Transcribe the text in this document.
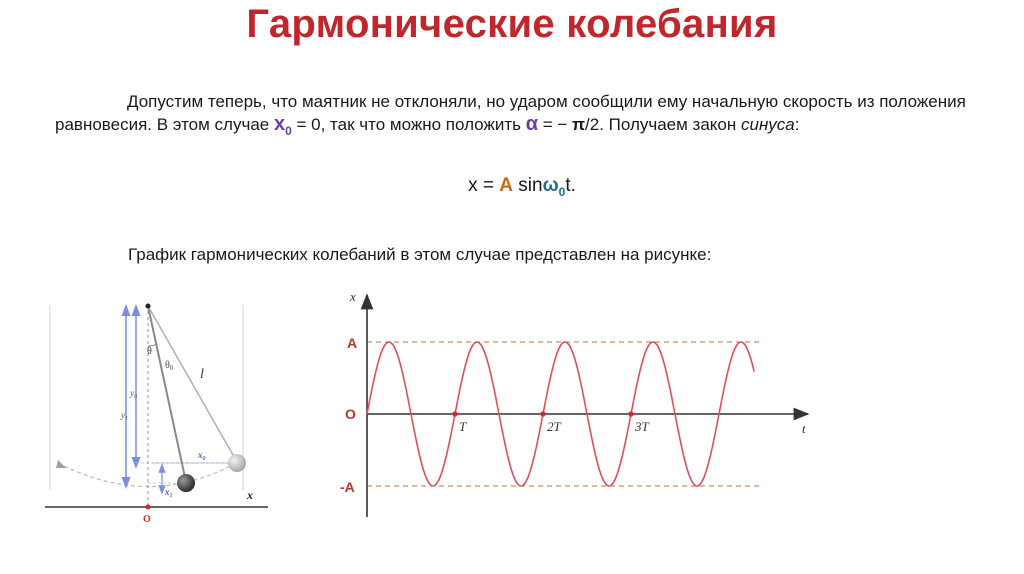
Гармонические колебания
Допустим теперь, что маятник не отклоняли, но ударом сообщили ему начальную скорость из положения равновесия. В этом случае $x_0 = 0$, так что можно положить α = − π/2. Получаем закон синуса:
x = A sinω$_0$t.
График гармонических колебаний в этом случае представлен на рисунке:
θ
$\theta_0$ l
$y_0$
$y_1$
$x_0$
$x_1$	x
O
T	2T	3T
x
t
A
O
-A
